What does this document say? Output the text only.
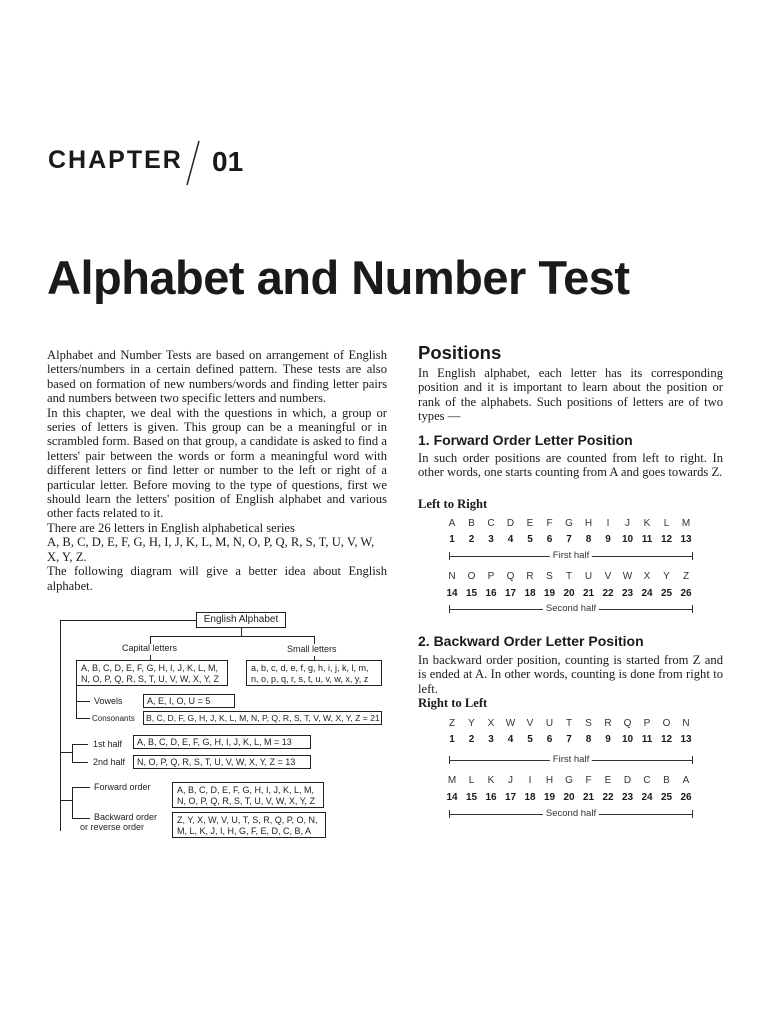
CHAPTER 01
Alphabet and Number Test

Alphabet and Number Tests are based on arrangement of English letters/numbers in a certain defined pattern. These tests are also based on formation of new numbers/words and finding letter pairs and numbers between two specific letters and numbers.

In this chapter, we deal with the questions in which, a group or series of letters is given. This group can be a meaningful or in scrambled form. Based on that group, a candidate is asked to find a letters' pair between the words or form a meaningful word with different letters or find letter or number to the left or right of a particular letter. Before moving to the type of questions, first we should learn the letters' position of English alphabet and various other facts related to it.

There are 26 letters in English alphabetical series

A, B, C, D, E, F, G, H, I, J, K, L, M, N, O, P, Q, R, S, T, U, V, W, X, Y, Z.

The following diagram will give a better idea about English alphabet.

English Alphabet
Capital letters	Small letters
A, B, C, D, E, F, G, H, I, J, K, L, M, N, O, P, Q, R, S, T, U, V, W, X, Y, Z
a, b, c, d, e, f, g, h, i, j, k, l, m, n, o, p, q, r, s, t, u, v, w, x, y, z
Vowels	A, E, I, O, U = 5
Consonants	B, C, D, F, G, H, J, K, L, M, N, P, Q, R, S, T, V, W, X, Y, Z = 21
1st half	A, B, C, D, E, F, G, H, I, J, K, L, M = 13
2nd half	N, O, P, Q, R, S, T, U, V, W, X, Y, Z = 13
Forward order	A, B, C, D, E, F, G, H, I, J, K, L, M, N, O, P, Q, R, S, T, U, V, W, X, Y, Z
Backward order
or reverse order
Z, Y, X, W, V, U, T, S, R, Q, P, O, N, M, L, K, J, I, H, G, F, E, D, C, B, A
Positions
In English alphabet, each letter has its corresponding position and it is important to learn about the position or rank of the alphabets. Such positions of letters are of two types —
1. Forward Order Letter Position
In such order positions are counted from left to right. In other words, one starts counting from A and goes towards Z.
Left to Right
A	B	C	D	E	F	G	H	I	J	K	L	M
1	2	3	4	5	6	7	8	9	10 11 12 13
First half
N	O	P	Q	R	S	T	U	V	W	X	Y	Z
14 15 16 17 18 19 20 21 22 23 24 25 26
Second half
2. Backward Order Letter Position
In backward order position, counting is started from Z and is ended at A. In other words, counting is done from right to left.
Right to Left
Z	Y	X	W	V	U	T	S	R	Q	P	O	N
1	2	3	4	5	6	7	8	9	10 11 12 13
First half
M	L	K	J	I	H	G	F	E	D	C	B	A
14 15 16 17 18 19 20 21 22 23 24 25 26
Second half
